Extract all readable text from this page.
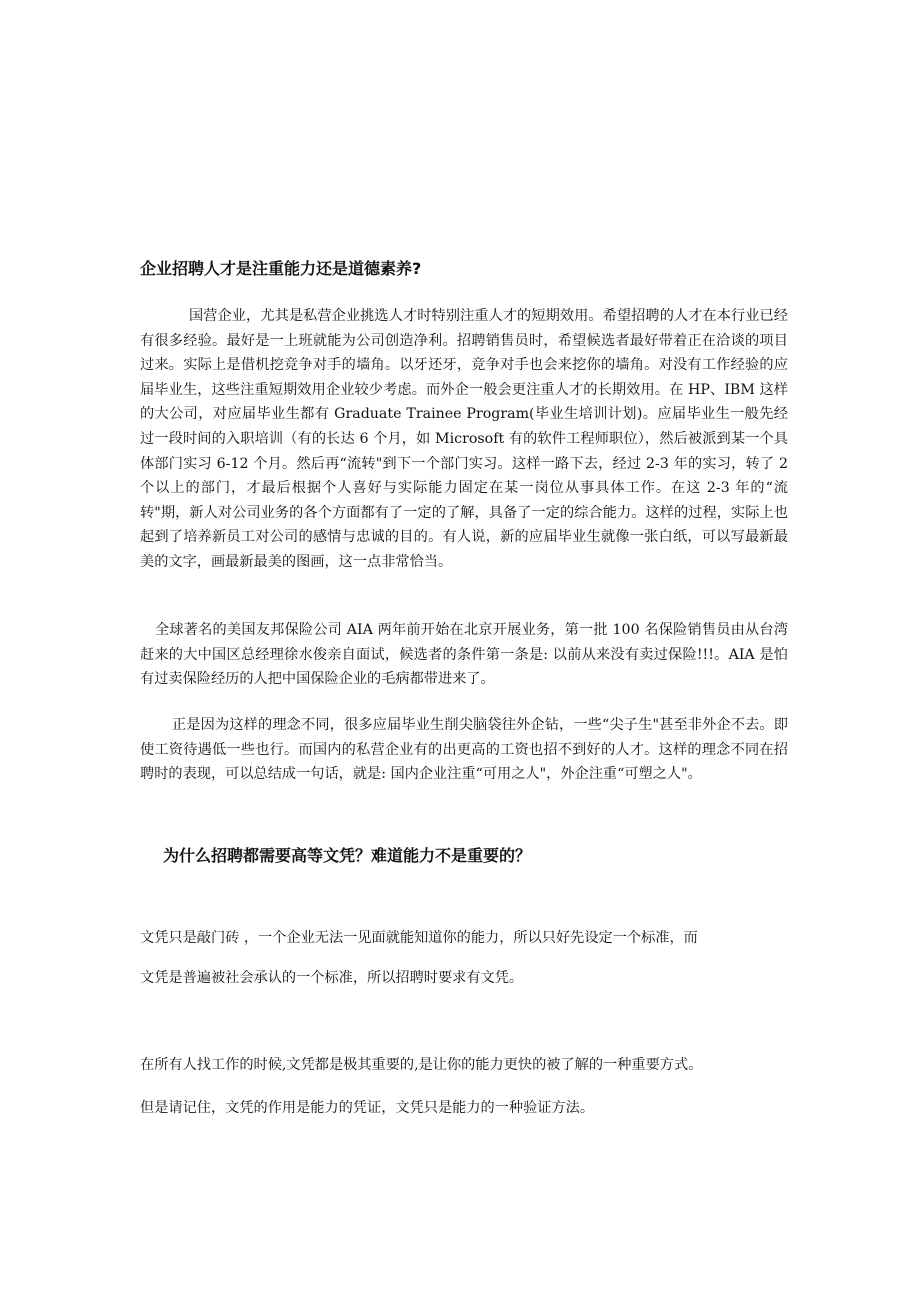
企业招聘人才是注重能力还是道德素养?

国营企业，尤其是私营企业挑选人才时特别注重人才的短期效用。希望招聘的人才在本行业已经有很多经验。最好是一上班就能为公司创造净利。招聘销售员时，希望候选者最好带着正在洽谈的项目过来。实际上是借机挖竞争对手的墙角。以牙还牙，竞争对手也会来挖你的墙角。对没有工作经验的应届毕业生，这些注重短期效用企业较少考虑。而外企一般会更注重人才的长期效用。在 HP、IBM 这样的大公司，对应届毕业生都有 Graduate Trainee Program(毕业生培训计划)。应届毕业生一般先经过一段时间的入职培训（有的长达 6 个月，如 Microsoft 有的软件工程师职位），然后被派到某一个具体部门实习 6-12 个月。然后再“流转"到下一个部门实习。这样一路下去，经过 2-3 年的实习，转了 2 个以上的部门，才最后根据个人喜好与实际能力固定在某一岗位从事具体工作。在这 2-3 年的“流转"期，新人对公司业务的各个方面都有了一定的了解，具备了一定的综合能力。这样的过程，实际上也起到了培养新员工对公司的感情与忠诚的目的。有人说，新的应届毕业生就像一张白纸，可以写最新最美的文字，画最新最美的图画，这一点非常恰当。

全球著名的美国友邦保险公司 AIA 两年前开始在北京开展业务，第一批 100 名保险销售员由从台湾赶来的大中国区总经理徐水俊亲自面试，候选者的条件第一条是: 以前从来没有卖过保险!!!。AIA 是怕有过卖保险经历的人把中国保险企业的毛病都带进来了。

正是因为这样的理念不同，很多应届毕业生削尖脑袋往外企钻，一些“尖子生"甚至非外企不去。即使工资待遇低一些也行。而国内的私营企业有的出更高的工资也招不到好的人才。这样的理念不同在招聘时的表现，可以总结成一句话，就是: 国内企业注重“可用之人"，外企注重“可塑之人"。

为什么招聘都需要高等文凭？难道能力不是重要的？

文凭只是敲门砖 ，一个企业无法一见面就能知道你的能力，所以只好先设定一个标准，而

文凭是普遍被社会承认的一个标准，所以招聘时要求有文凭。

在所有人找工作的时候,文凭都是极其重要的,是让你的能力更快的被了解的一种重要方式。

但是请记住，文凭的作用是能力的凭证，文凭只是能力的一种验证方法。
